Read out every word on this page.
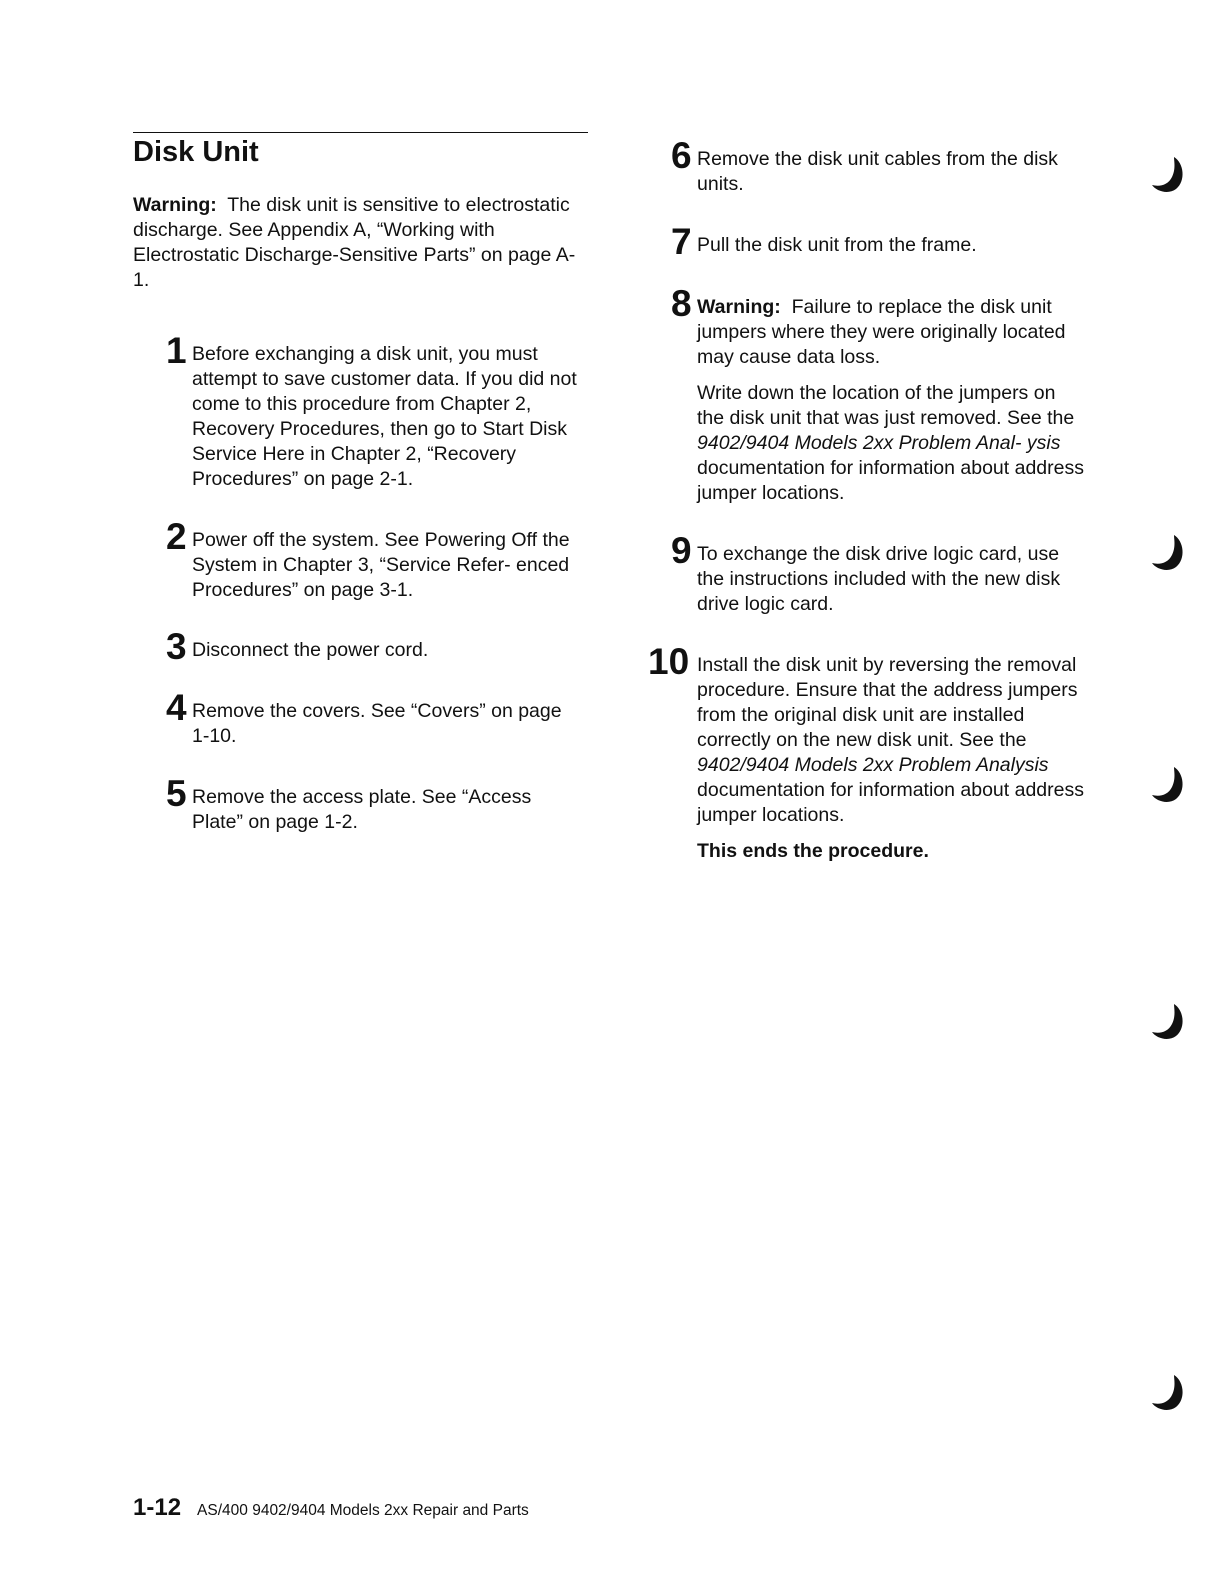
Disk Unit
Warning: The disk unit is sensitive to electrostatic discharge. See Appendix A, “Working with Electrostatic Discharge-Sensitive Parts” on page A-1.
1 Before exchanging a disk unit, you must attempt to save customer data. If you did not come to this procedure from Chapter 2, Recovery Procedures, then go to Start Disk Service Here in Chapter 2, “Recovery Procedures” on page 2-1.

2 Power off the system. See Powering Off the System in Chapter 3, “Service Refer- enced Procedures” on page 3-1.

3 Disconnect the power cord.

4 Remove the covers. See “Covers” on page 1-10.

5 Remove the access plate. See “Access Plate” on page 1-2.

6 Remove the disk unit cables from the disk units.

7 Pull the disk unit from the frame.

8 Warning: Failure to replace the disk unit jumpers where they were originally located may cause data loss.

Write down the location of the jumpers on the disk unit that was just removed. See the 9402/9404 Models 2xx Problem Anal- ysis documentation for information about address jumper locations.

9 To exchange the disk drive logic card, use the instructions included with the new disk drive logic card.

10 Install the disk unit by reversing the removal procedure. Ensure that the address jumpers from the original disk unit are installed correctly on the new disk unit. See the 9402/9404 Models 2xx Problem Analysis documentation for information about address jumper locations.

This ends the procedure.

1-12 AS/400 9402/9404 Models 2xx Repair and Parts
